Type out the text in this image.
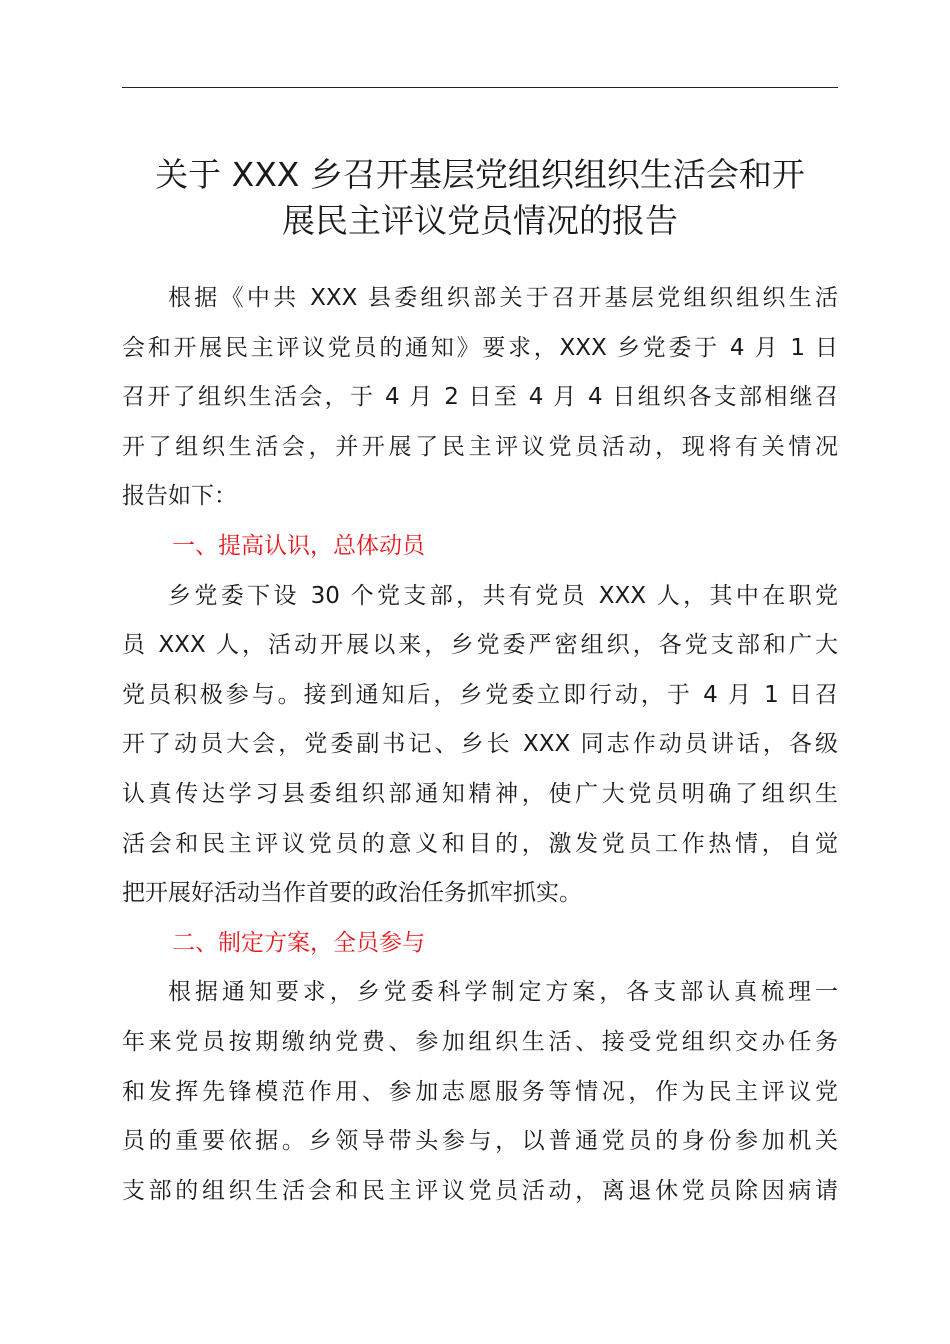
关于 XXX 乡召开基层党组织组织生活会和开
展民主评议党员情况的报告

根据《中共 XXX 县委组织部关于召开基层党组织组织生活
会和开展民主评议党员的通知》要求，XXX 乡党委于 4 月 1 日
召开了组织生活会，于 4 月 2 日至 4 月 4 日组织各支部相继召
开了组织生活会，并开展了民主评议党员活动，现将有关情况
报告如下：

一、提高认识，总体动员

乡党委下设 30 个党支部，共有党员 XXX 人，其中在职党
员 XXX 人，活动开展以来，乡党委严密组织，各党支部和广大
党员积极参与。接到通知后，乡党委立即行动，于 4 月 1 日召
开了动员大会，党委副书记、乡长 XXX 同志作动员讲话，各级
认真传达学习县委组织部通知精神，使广大党员明确了组织生
活会和民主评议党员的意义和目的，激发党员工作热情，自觉
把开展好活动当作首要的政治任务抓牢抓实。

二、制定方案，全员参与

根据通知要求，乡党委科学制定方案，各支部认真梳理一
年来党员按期缴纳党费、参加组织生活、接受党组织交办任务
和发挥先锋模范作用、参加志愿服务等情况，作为民主评议党
员的重要依据。乡领导带头参与，以普通党员的身份参加机关
支部的组织生活会和民主评议党员活动，离退休党员除因病请
